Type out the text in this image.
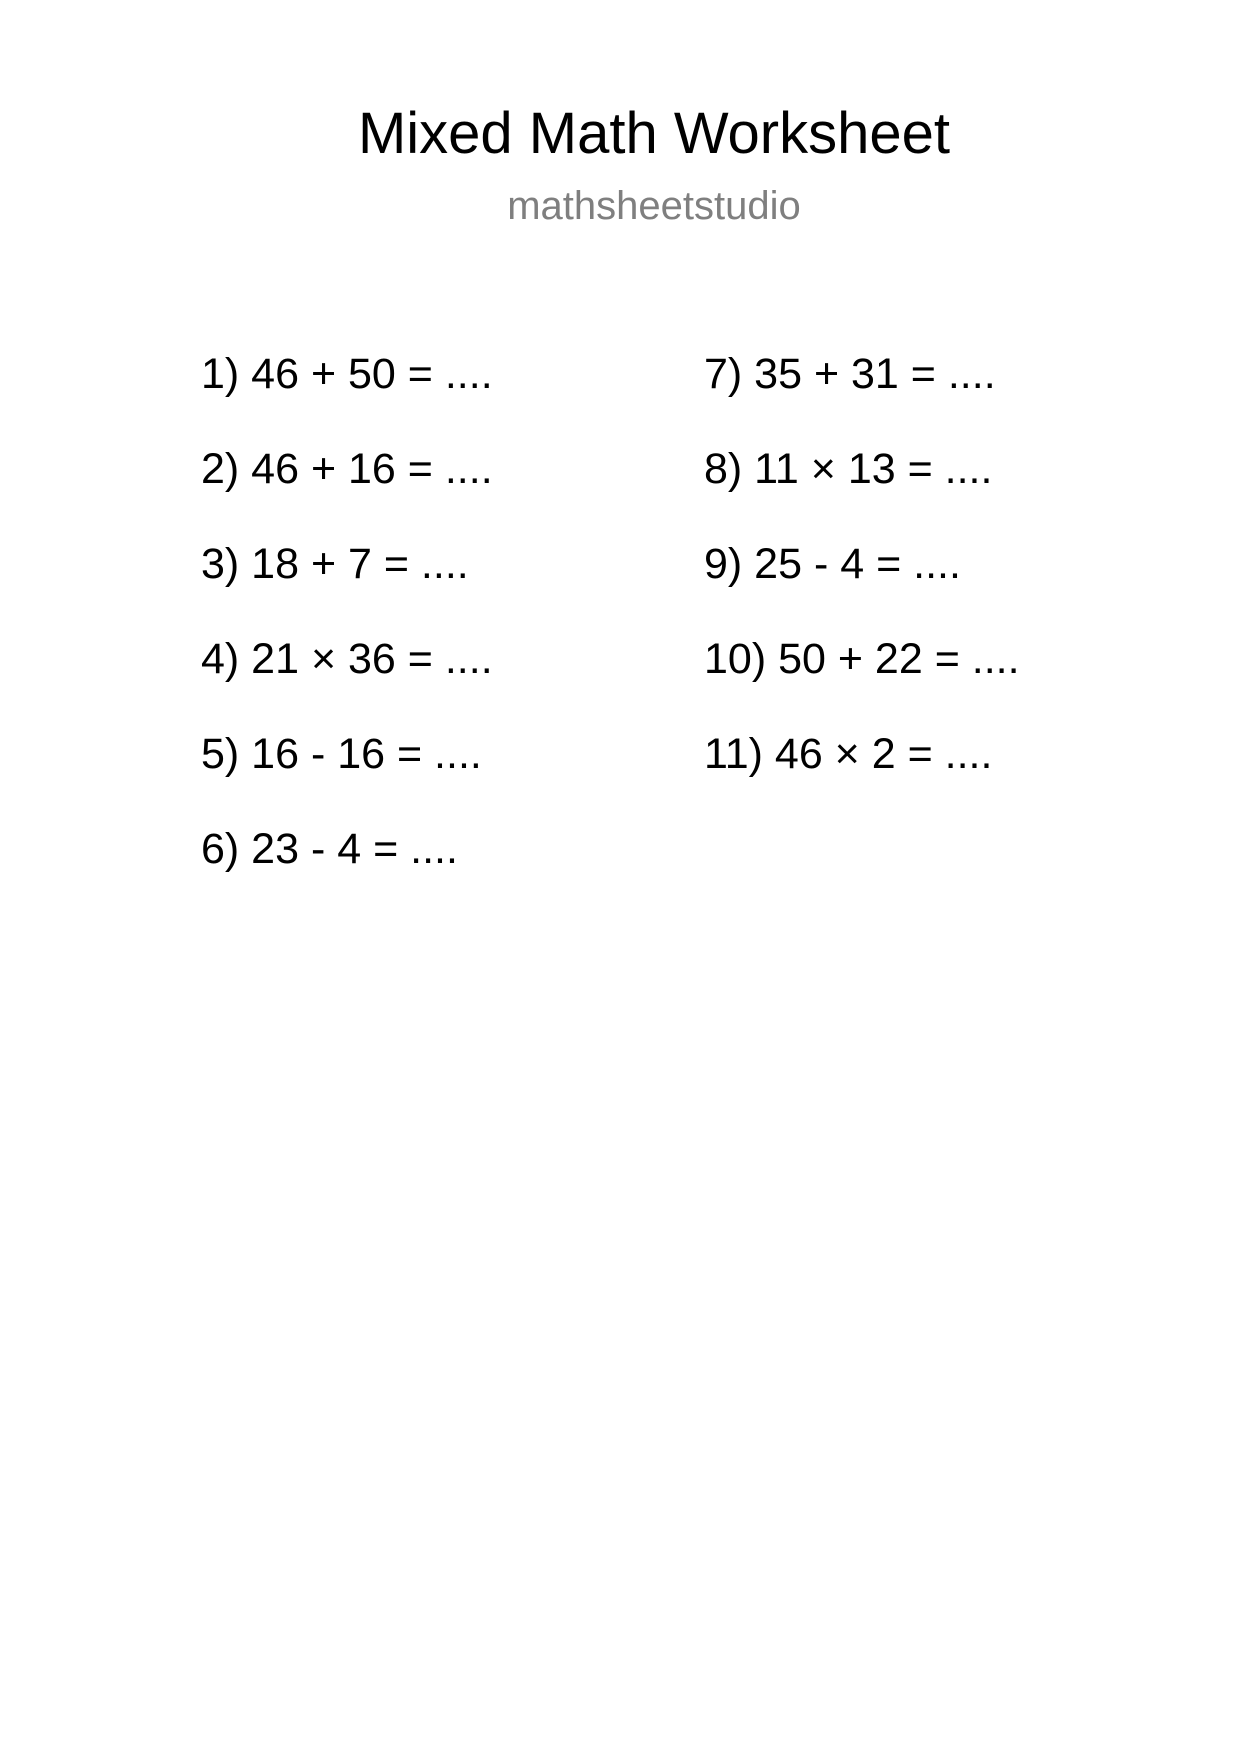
Mixed Math Worksheet
mathsheetstudio
1) 46 + 50 = ....
2) 46 + 16 = ....
3) 18 + 7 = ....
4) 21 × 36 = ....
5) 16 - 16 = ....
6) 23 - 4 = ....
7) 35 + 31 = ....
8) 11 × 13 = ....
9) 25 - 4 = ....
10) 50 + 22 = ....
11) 46 × 2 = ....
